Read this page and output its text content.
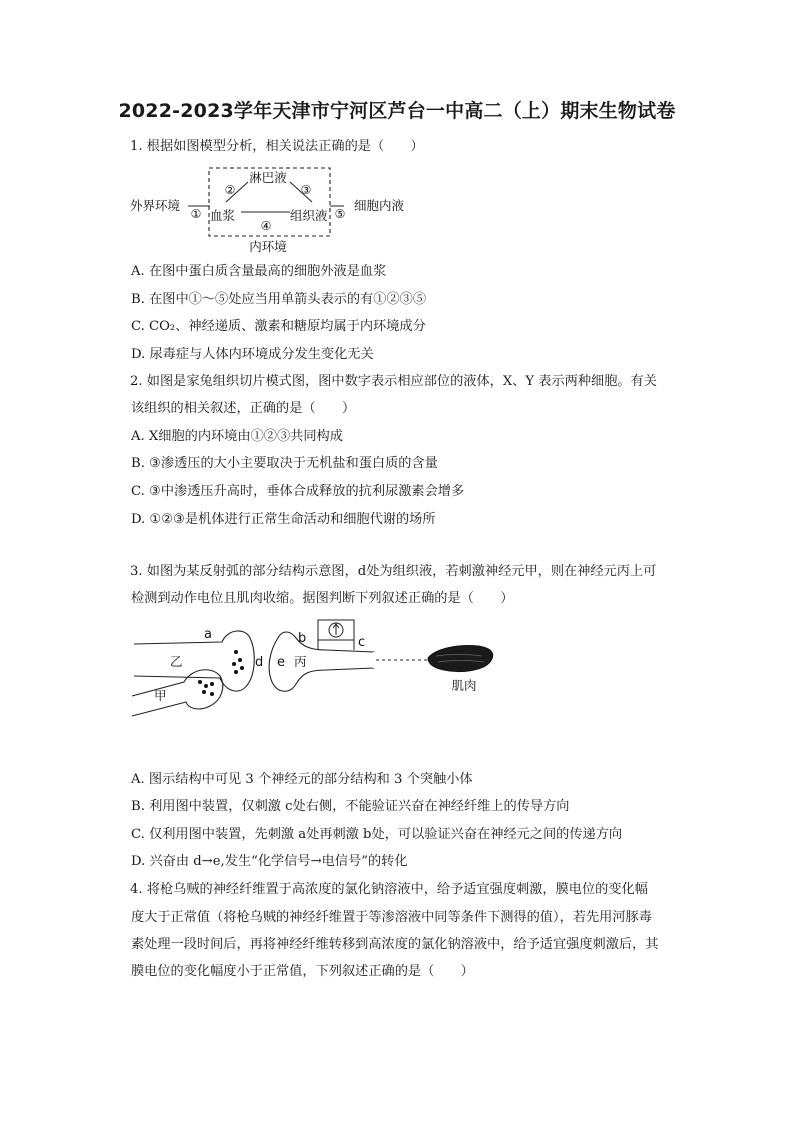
2022-2023学年天津市宁河区芦台一中高二（上）期末生物试卷
1. 根据如图模型分析，相关说法正确的是（　　）
淋巴液
②	③
血浆	组织液
④
外界环境
①	⑤
细胞内液
内环境
A. 在图中蛋白质含量最高的细胞外液是血浆
B. 在图中①～⑤处应当用单箭头表示的有①②③⑤
C. CO₂、神经递质、激素和糖原均属于内环境成分
D. 尿毒症与人体内环境成分发生变化无关
2. 如图是家兔组织切片模式图，图中数字表示相应部位的液体，X、Y 表示两种细胞。有关
该组织的相关叙述，正确的是（　　）
A. X细胞的内环境由①②③共同构成
B. ③渗透压的大小主要取决于无机盐和蛋白质的含量
C. ③中渗透压升高时，垂体合成释放的抗利尿激素会增多
D. ①②③是机体进行正常生命活动和细胞代谢的场所
3. 如图为某反射弧的部分结构示意图，d处为组织液，若刺激神经元甲，则在神经元丙上可
检测到动作电位且肌肉收缩。据图判断下列叙述正确的是（　　）
a
乙	d e 丙
b	c
甲
肌肉
A. 图示结构中可见 3 个神经元的部分结构和 3 个突触小体
B. 利用图中装置，仅刺激 c处右侧，不能验证兴奋在神经纤维上的传导方向
C. 仅利用图中装置，先刺激 a处再刺激 b处，可以验证兴奋在神经元之间的传递方向
D. 兴奋由 d→e,发生“化学信号→电信号”的转化
4. 将枪乌贼的神经纤维置于高浓度的氯化钠溶液中，给予适宜强度刺激，膜电位的变化幅
度大于正常值（将枪乌贼的神经纤维置于等渗溶液中同等条件下测得的值），若先用河豚毒
素处理一段时间后，再将神经纤维转移到高浓度的氯化钠溶液中，给予适宜强度刺激后，其
膜电位的变化幅度小于正常值，下列叙述正确的是（　　）
